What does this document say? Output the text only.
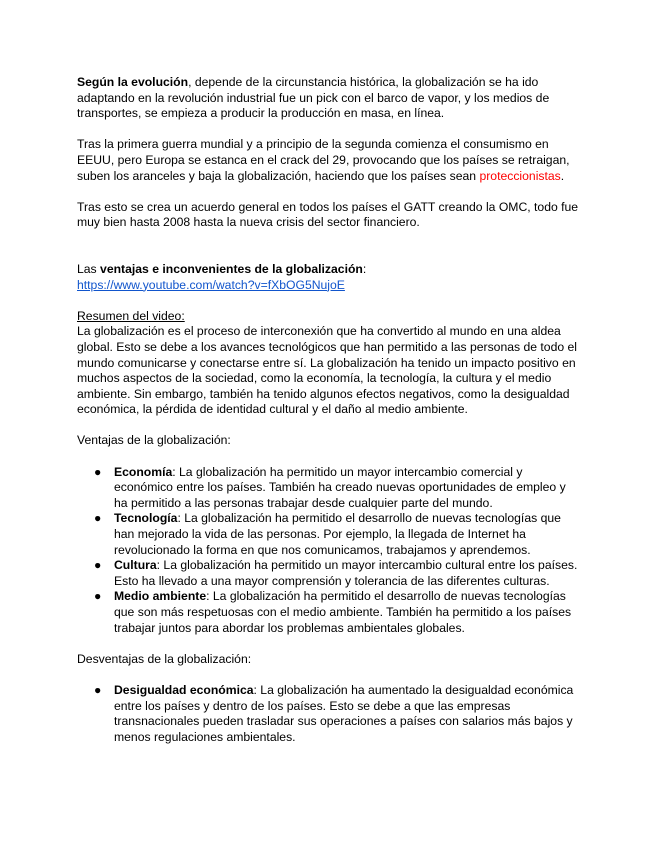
Según la evolución, depende de la circunstancia histórica, la globalización se ha ido adaptando en la revolución industrial fue un pick con el barco de vapor, y los medios de transportes, se empieza a producir la producción en masa, en línea.

Tras la primera guerra mundial y a principio de la segunda comienza el consumismo en EEUU, pero Europa se estanca en el crack del 29, provocando que los países se retraigan, suben los aranceles y baja la globalización, haciendo que los países sean proteccionistas.

Tras esto se crea un acuerdo general en todos los países el GATT creando la OMC, todo fue muy bien hasta 2008 hasta la nueva crisis del sector financiero.

Las ventajas e inconvenientes de la globalización:

https://www.youtube.com/watch?v=fXbOG5NujoE

Resumen del video:

La globalización es el proceso de interconexión que ha convertido al mundo en una aldea global. Esto se debe a los avances tecnológicos que han permitido a las personas de todo el mundo comunicarse y conectarse entre sí. La globalización ha tenido un impacto positivo en muchos aspectos de la sociedad, como la economía, la tecnología, la cultura y el medio ambiente. Sin embargo, también ha tenido algunos efectos negativos, como la desigualdad económica, la pérdida de identidad cultural y el daño al medio ambiente.

Ventajas de la globalización:

● Economía: La globalización ha permitido un mayor intercambio comercial y económico entre los países. También ha creado nuevas oportunidades de empleo y ha permitido a las personas trabajar desde cualquier parte del mundo.
● Tecnología: La globalización ha permitido el desarrollo de nuevas tecnologías que han mejorado la vida de las personas. Por ejemplo, la llegada de Internet ha revolucionado la forma en que nos comunicamos, trabajamos y aprendemos.
● Cultura: La globalización ha permitido un mayor intercambio cultural entre los países. Esto ha llevado a una mayor comprensión y tolerancia de las diferentes culturas.
● Medio ambiente: La globalización ha permitido el desarrollo de nuevas tecnologías que son más respetuosas con el medio ambiente. También ha permitido a los países trabajar juntos para abordar los problemas ambientales globales.

Desventajas de la globalización:

● Desigualdad económica: La globalización ha aumentado la desigualdad económica entre los países y dentro de los países. Esto se debe a que las empresas transnacionales pueden trasladar sus operaciones a países con salarios más bajos y menos regulaciones ambientales.
